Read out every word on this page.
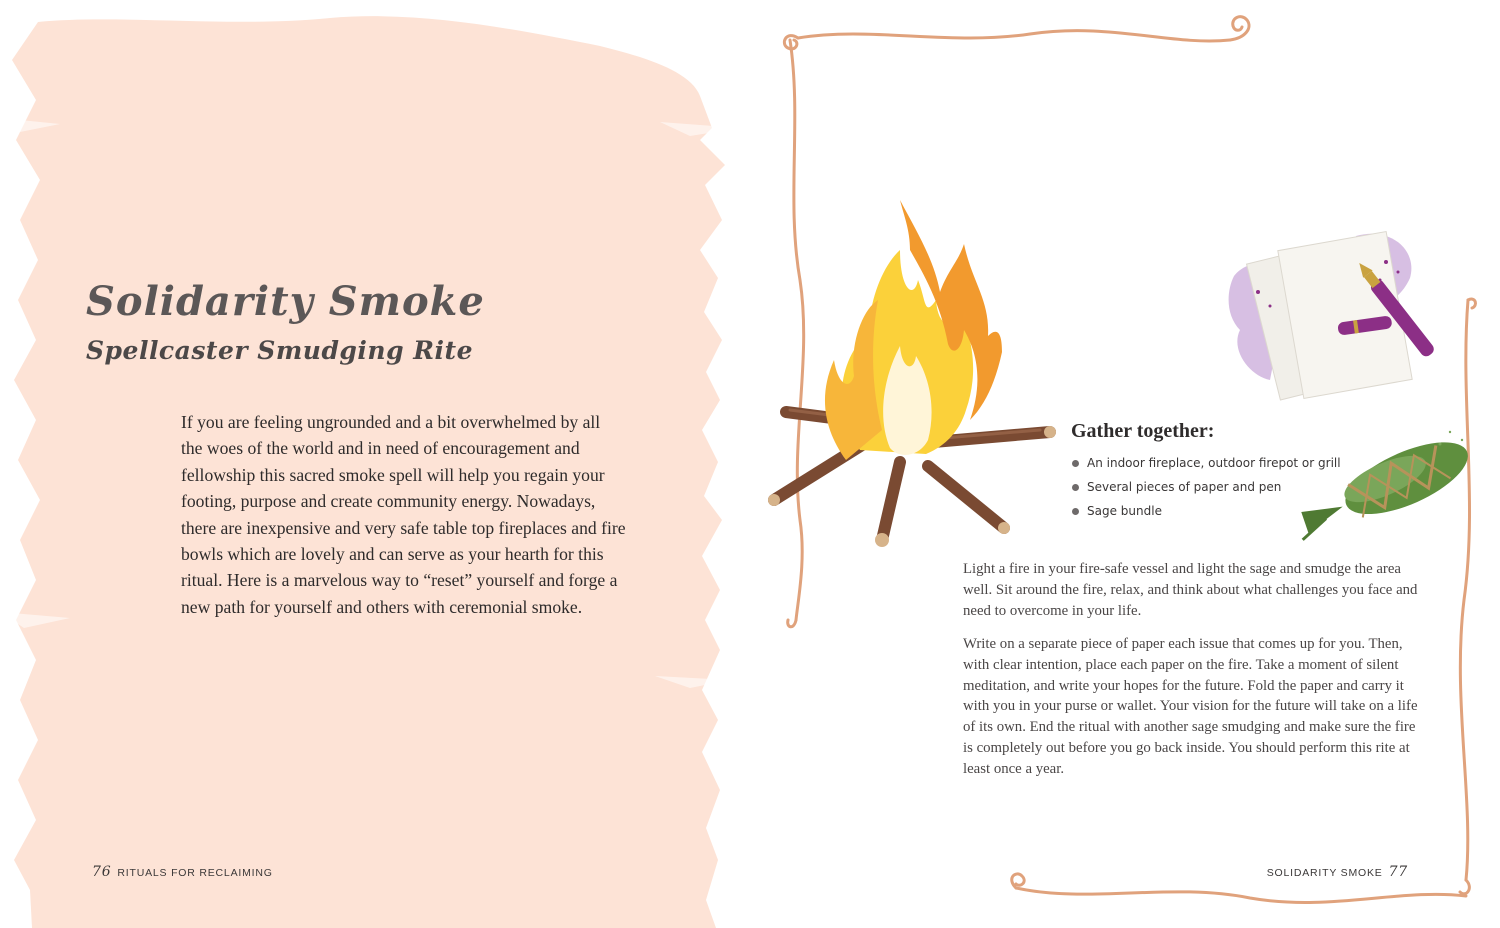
Solidarity Smoke
Spellcaster Smudging Rite

If you are feeling ungrounded and a bit overwhelmed by all the woes of the world and in need of encouragement and fellowship this sacred smoke spell will help you regain your footing, purpose and create community energy. Nowadays, there are inexpensive and very safe table top fireplaces and fire bowls which are lovely and can serve as your hearth for this ritual. Here is a marvelous way to “reset” yourself and forge a new path for yourself and others with ceremonial smoke.

76 RITUALS FOR RECLAIMING
Gather together:
An indoor fireplace, outdoor firepot or grill
Several pieces of paper and pen
Sage bundle

Light a fire in your fire-safe vessel and light the sage and smudge the area well. Sit around the fire, relax, and think about what challenges you face and need to overcome in your life.

Write on a separate piece of paper each issue that comes up for you. Then, with clear intention, place each paper on the fire. Take a moment of silent meditation, and write your hopes for the future. Fold the paper and carry it with you in your purse or wallet. Your vision for the future will take on a life of its own. End the ritual with another sage smudging and make sure the fire is completely out before you go back inside. You should perform this rite at least once a year.

SOLIDARITY SMOKE 77
